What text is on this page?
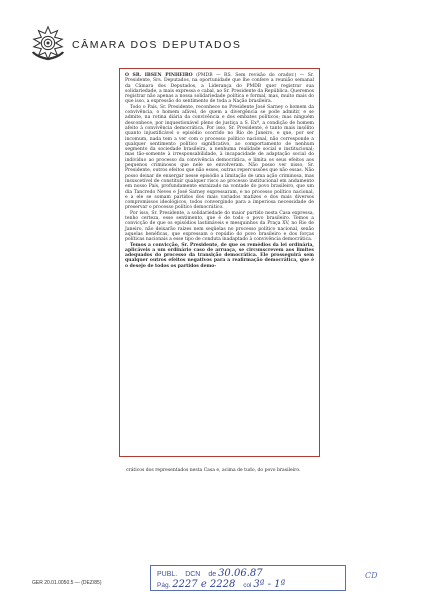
CÂMARA DOS DEPUTADOS

O SR. IBSEN PINHEIRO (PMDB — RS. Sem revisão do orador.) — Sr. Presidente, Srs. Deputados, na oportunidade que lhe confere a reunião semanal da Câmara dos Deputados, a Liderança do PMDB quer registrar sua solidariedade, a mais expressa e cabal, ao Sr. Presidente da República. Queremos registrar não apenas a nossa solidariedade política e formal, mas, muito mais do que isso, a expressão do sentimento de toda a Nação brasileira.

Todo o País, Sr. Presidente, reconhece no Presidente José Sarney o homem da convivência, o homem afável, de quem a divergência se pode admitir, e se admite, na rotina diária da convivência e dos embates políticos; mas ninguém desconhece, por inquestionável pleno de justiça a S. Exª, a condição de homem afeito à convivência democrática. Por isso, Sr. Presidente, é tanto mais insólito quanto injustificável o episódio ocorrido no Rio de Janeiro, e que, por ser incomum, nada tem a ver com o processo político nacional, não corresponde a qualquer sentimento político significativo, ao comportamento de nenhum segmento da sociedade brasileira, a nenhuma realidade social e institucional; mas tão-somente à irresponsabilidade, à incapacidade de adaptação social do indivíduo ao processo da convivência democrática, e limita os seus efeitos aos pequenos criminosos que nele se envolveram. Não posso ver nisso, Sr. Presidente, outros efeitos que não esses, outras repercussões que não essas. Não posso deixar de enxergar nesse episódio a limitação de uma ação criminosa, mas insuscetível de constituir qualquer risco ao processo institucional em andamento em nosso País, profundamente enraizado na vontade do povo brasileiro, que um dia Tancredo Neves e José Sarney expressaram, e no processo político nacional, e a ele se somam partidos dos mais variados matizes e dos mais diversos compromissos ideológicos, todos convergindo para a imperiosa necessidade de preservar o processo político democrático.

Por isso, Sr. Presidente, a solidariedade do maior partido nesta Casa expressa, tenho certeza, esse sentimento, que é de todo o povo brasileiro. Temos a convicção de que os episódios lastimáveis e mesquinhos da Praça XV, no Rio de Janeiro, não deixarão raízes nem seqüelas no processo político nacional, senão aquelas benéficas, que expressam o repúdio do povo brasileiro e dos forças políticas nacionais a esse tipo de conduta inadaptado à convivência democrática.

Temos a convicção, Sr. Presidente, de que os remédios da lei ordinária, aplicáveis a um ordinário caso de arruaça, se circunscrevem aos limites adequados do processo da transição democrática. Ele prosseguirá sem qualquer outros efeitos negativos para a reafirmação democrática, que é o desejo de todos os partidos demo-

cráticos dos representados nesta Casa e, acima de tudo, do povo brasileiro.

GER 20.01.0050.5 — (DEZ/85)
PUBL. DCN de 30.06.87
Pág. 2227 e 2228 col 3ª - 1ª
CD
